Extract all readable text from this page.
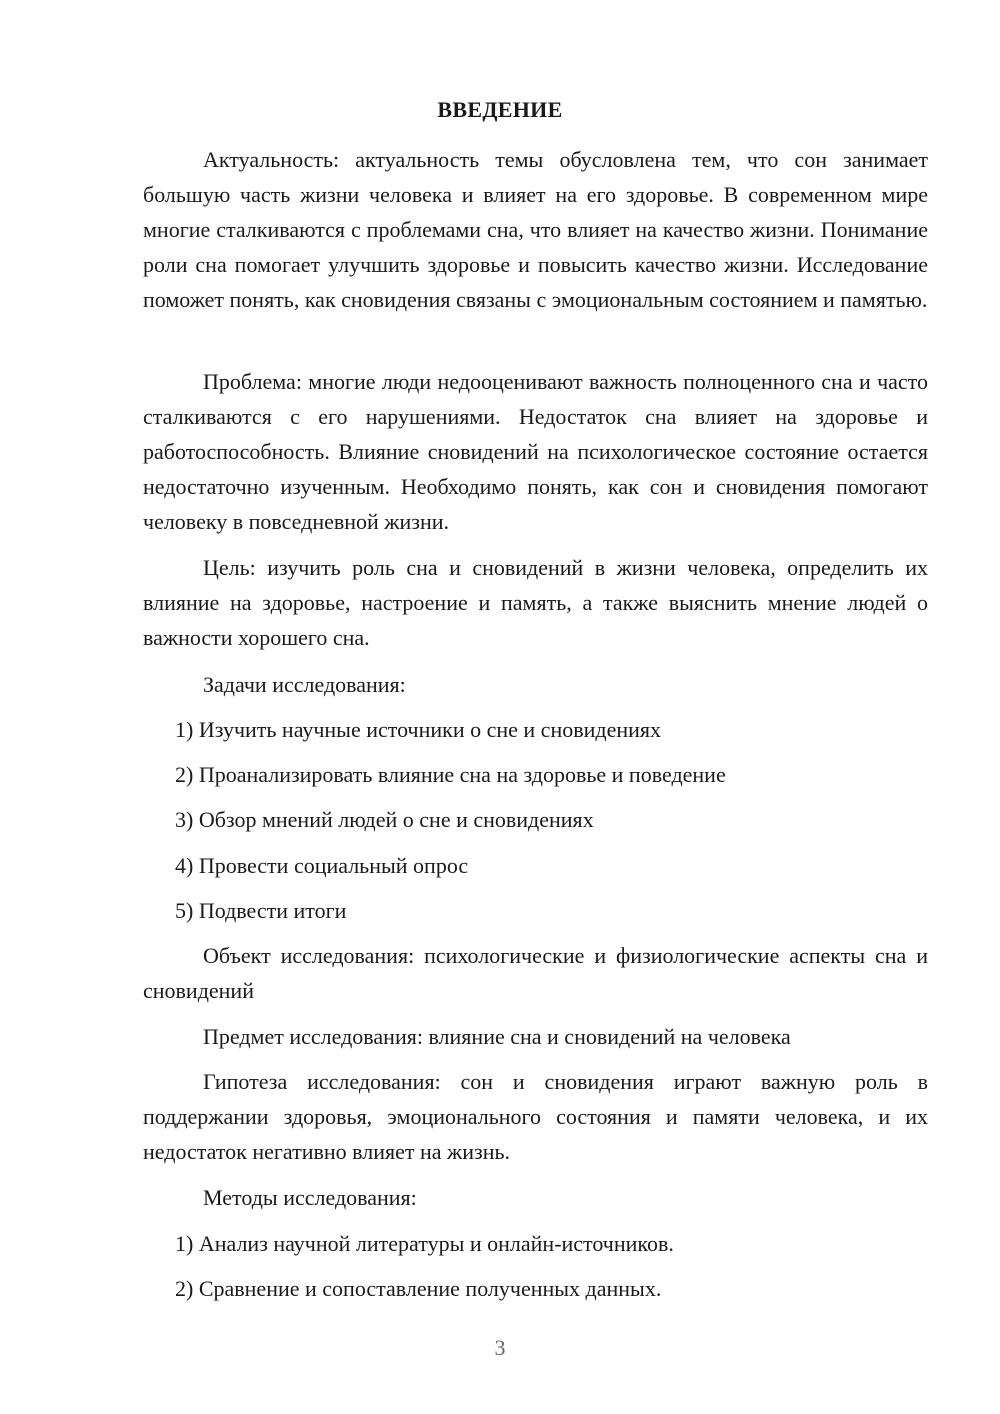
ВВЕДЕНИЕ
Актуальность: актуальность темы обусловлена тем, что сон занимает большую часть жизни человека и влияет на его здоровье. В современном мире многие сталкиваются с проблемами сна, что влияет на качество жизни. Понимание роли сна помогает улучшить здоровье и повысить качество жизни. Исследование поможет понять, как сновидения связаны с эмоциональным состоянием и памятью.
Проблема: многие люди недооценивают важность полноценного сна и часто сталкиваются с его нарушениями. Недостаток сна влияет на здоровье и работоспособность. Влияние сновидений на психологическое состояние остается недостаточно изученным. Необходимо понять, как сон и сновидения помогают человеку в повседневной жизни.
Цель: изучить роль сна и сновидений в жизни человека, определить их влияние на здоровье, настроение и память, а также выяснить мнение людей о важности хорошего сна.
Задачи исследования:
1) Изучить научные источники о сне и сновидениях
2) Проанализировать влияние сна на здоровье и поведение
3) Обзор мнений людей о сне и сновидениях
4) Провести социальный опрос
5) Подвести итоги
Объект исследования: психологические и физиологические аспекты сна и сновидений
Предмет исследования: влияние сна и сновидений на человека
Гипотеза исследования: сон и сновидения играют важную роль в поддержании здоровья, эмоционального состояния и памяти человека, и их недостаток негативно влияет на жизнь.
Методы исследования:
1) Анализ научной литературы и онлайн-источников.
2) Сравнение и сопоставление полученных данных.
3
